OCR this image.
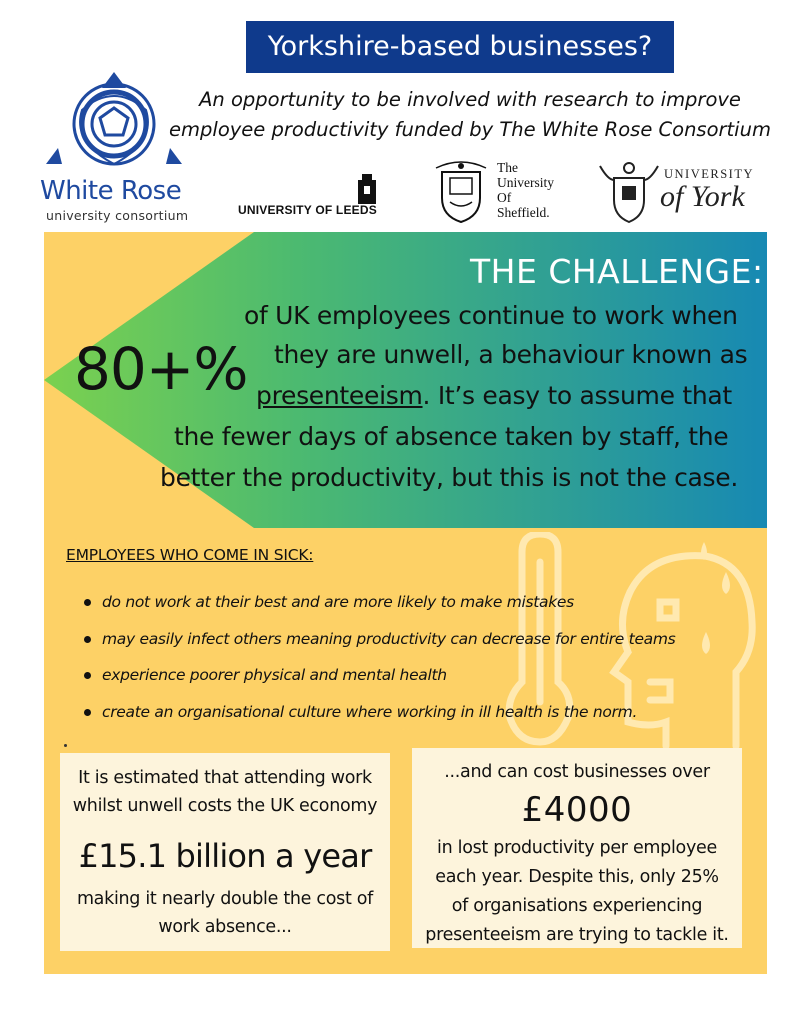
Yorkshire-based businesses?
An opportunity to be involved with research to improve
employee productivity funded by The White Rose Consortium
White Rose
university consortium	UNIVERSITY OF LEEDS
The
University
Of
Sheffield.
UNIVERSITY
of York
THE CHALLENGE:
80+%
of UK employees continue to work when
they are unwell, a behaviour known as
presenteeism. It’s easy to assume that
the fewer days of absence taken by staff, the
better the productivity, but this is not the case.
EMPLOYEES WHO COME IN SICK:
do not work at their best and are more likely to make mistakes
may easily infect others meaning productivity can decrease for entire teams
experience poorer physical and mental health
create an organisational culture where working in ill health is the norm.
It is estimated that attending work
whilst unwell costs the UK economy
£15.1 billion a year
making it nearly double the cost of
work absence...
...and can cost businesses over
£4000
in lost productivity per employee
each year. Despite this, only 25%
of organisations experiencing
presenteeism are trying to tackle it.
